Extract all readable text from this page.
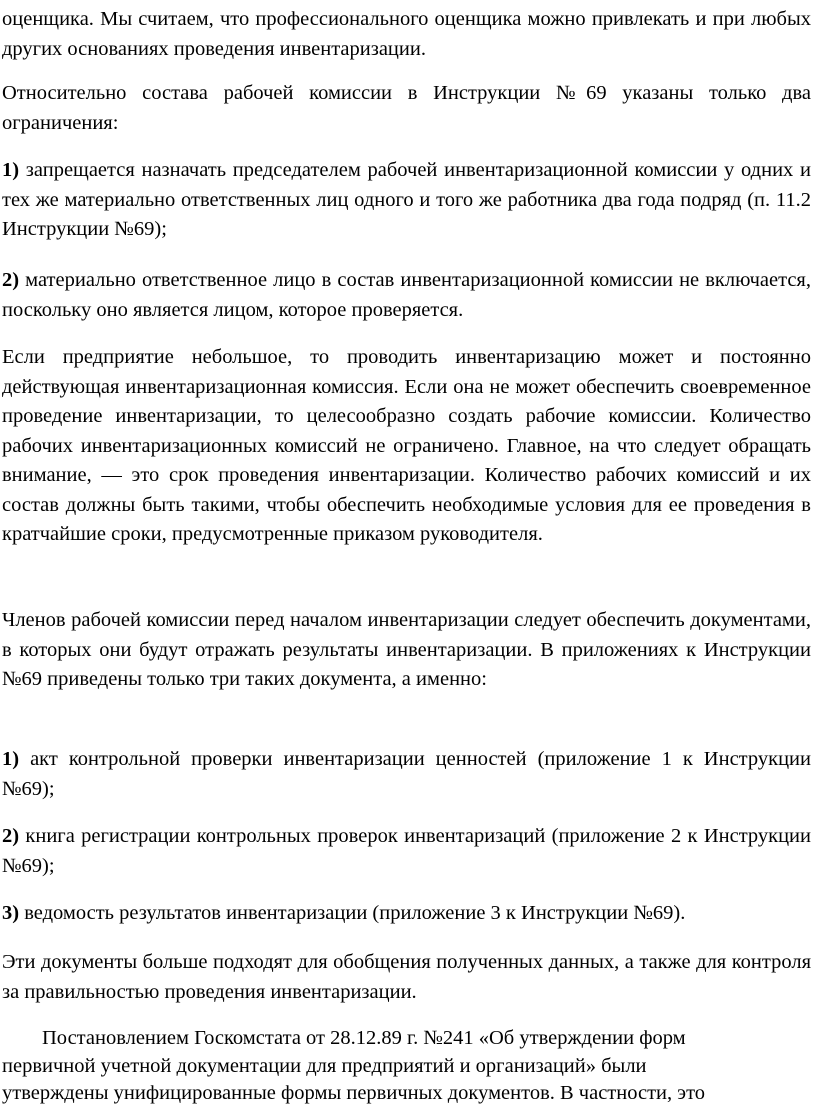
оценщика. Мы считаем, что профессионального оценщика можно привлекать и при любых других основаниях проведения инвентаризации.

Относительно состава рабочей комиссии в Инструкции №69 указаны только два ограничения:

1) запрещается назначать председателем рабочей инвентаризационной комиссии у одних и тех же материально ответственных лиц одного и того же работника два года подряд (п. 11.2 Инструкции №69);

2) материально ответственное лицо в состав инвентаризационной комиссии не включается, поскольку оно является лицом, которое проверяется.

Если предприятие небольшое, то проводить инвентаризацию может и постоянно действующая инвентаризационная комиссия. Если она не может обеспечить своевременное проведение инвентаризации, то целесообразно создать рабочие комиссии. Количество рабочих инвентаризационных комиссий не ограничено. Главное, на что следует обращать внимание, — это срок проведения инвентаризации. Количество рабочих комиссий и их состав должны быть такими, чтобы обеспечить необходимые условия для ее проведения в кратчайшие сроки, предусмотренные приказом руководителя.

Членов рабочей комиссии перед началом инвентаризации следует обеспечить документами, в которых они будут отражать результаты инвентаризации. В приложениях к Инструкции №69 приведены только три таких документа, а именно:

1) акт контрольной проверки инвентаризации ценностей (приложение 1 к Инструкции №69);

2) книга регистрации контрольных проверок инвентаризаций (приложение 2 к Инструкции №69);

3) ведомость результатов инвентаризации (приложение 3 к Инструкции №69).

Эти документы больше подходят для обобщения полученных данных, а также для контроля за правильностью проведения инвентаризации.

Постановлением Госкомстата от 28.12.89 г. №241 «Об утверждении форм
первичной учетной документации для предприятий и организаций» были
утверждены унифицированные формы первичных документов. В частности, это
